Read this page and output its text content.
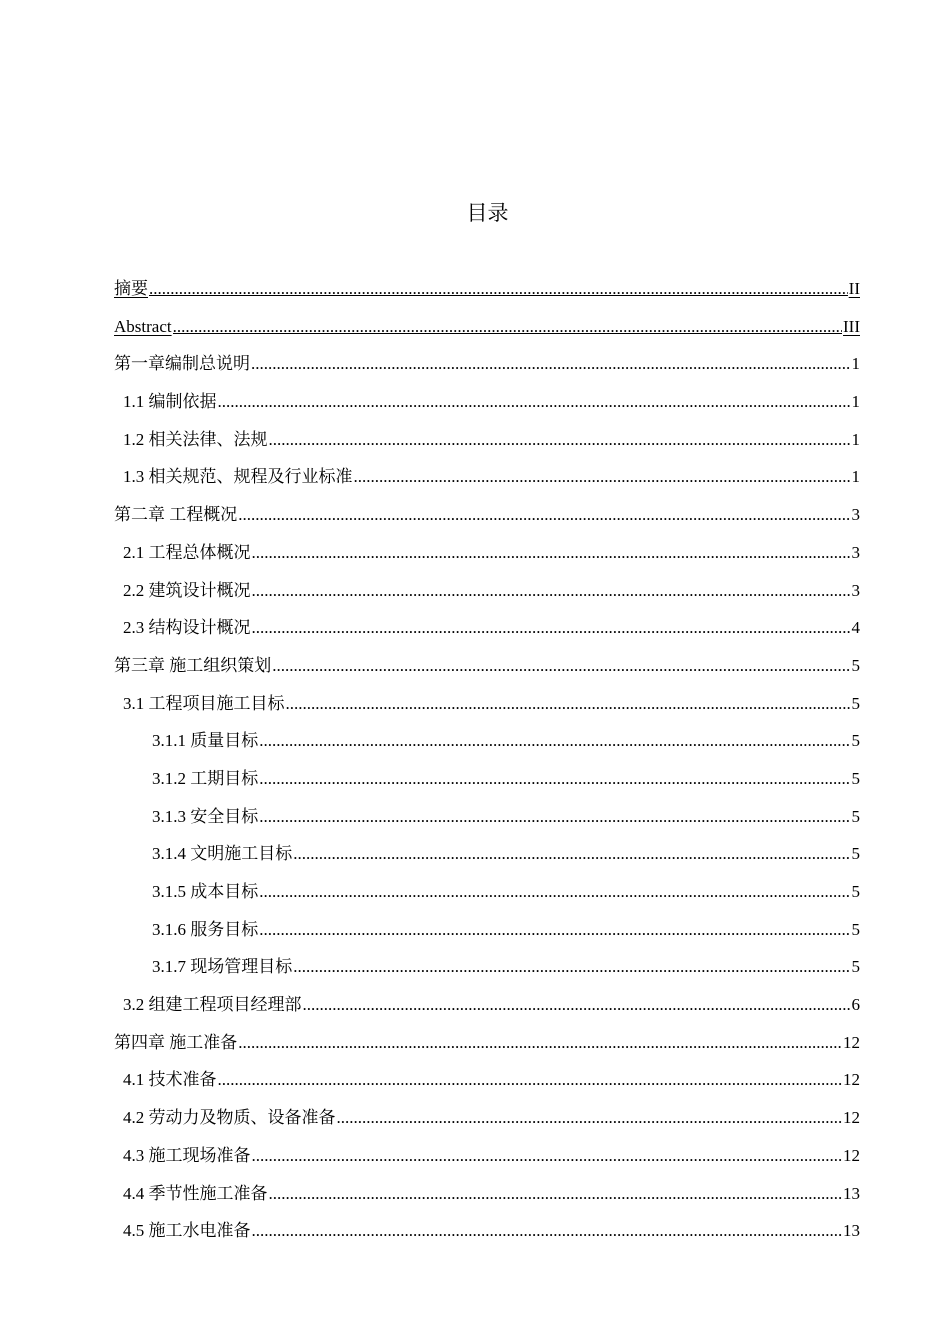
目录
摘要 .....	II
Abstract .....	III
第一章编制总说明 .....	1
1.1 编制依据 .....	1
1.2 相关法律、法规 .....	1
1.3 相关规范、规程及行业标准 .....	1
第二章 工程概况 .....	3
2.1 工程总体概况 .....	3
2.2 建筑设计概况 .....	3
2.3 结构设计概况 .....	4
第三章 施工组织策划 .....	5
3.1 工程项目施工目标 .....	5
3.1.1 质量目标 .....	5
3.1.2 工期目标 .....	5
3.1.3 安全目标 .....	5
3.1.4 文明施工目标 .....	5
3.1.5 成本目标 .....	5
3.1.6 服务目标 .....	5
3.1.7 现场管理目标 .....	5
3.2 组建工程项目经理部 .....	6
第四章 施工准备 .....	12
4.1 技术准备 .....	12
4.2 劳动力及物质、设备准备 .....	12
4.3 施工现场准备 .....	12
4.4 季节性施工准备 .....	13
4.5 施工水电准备 .....	13
